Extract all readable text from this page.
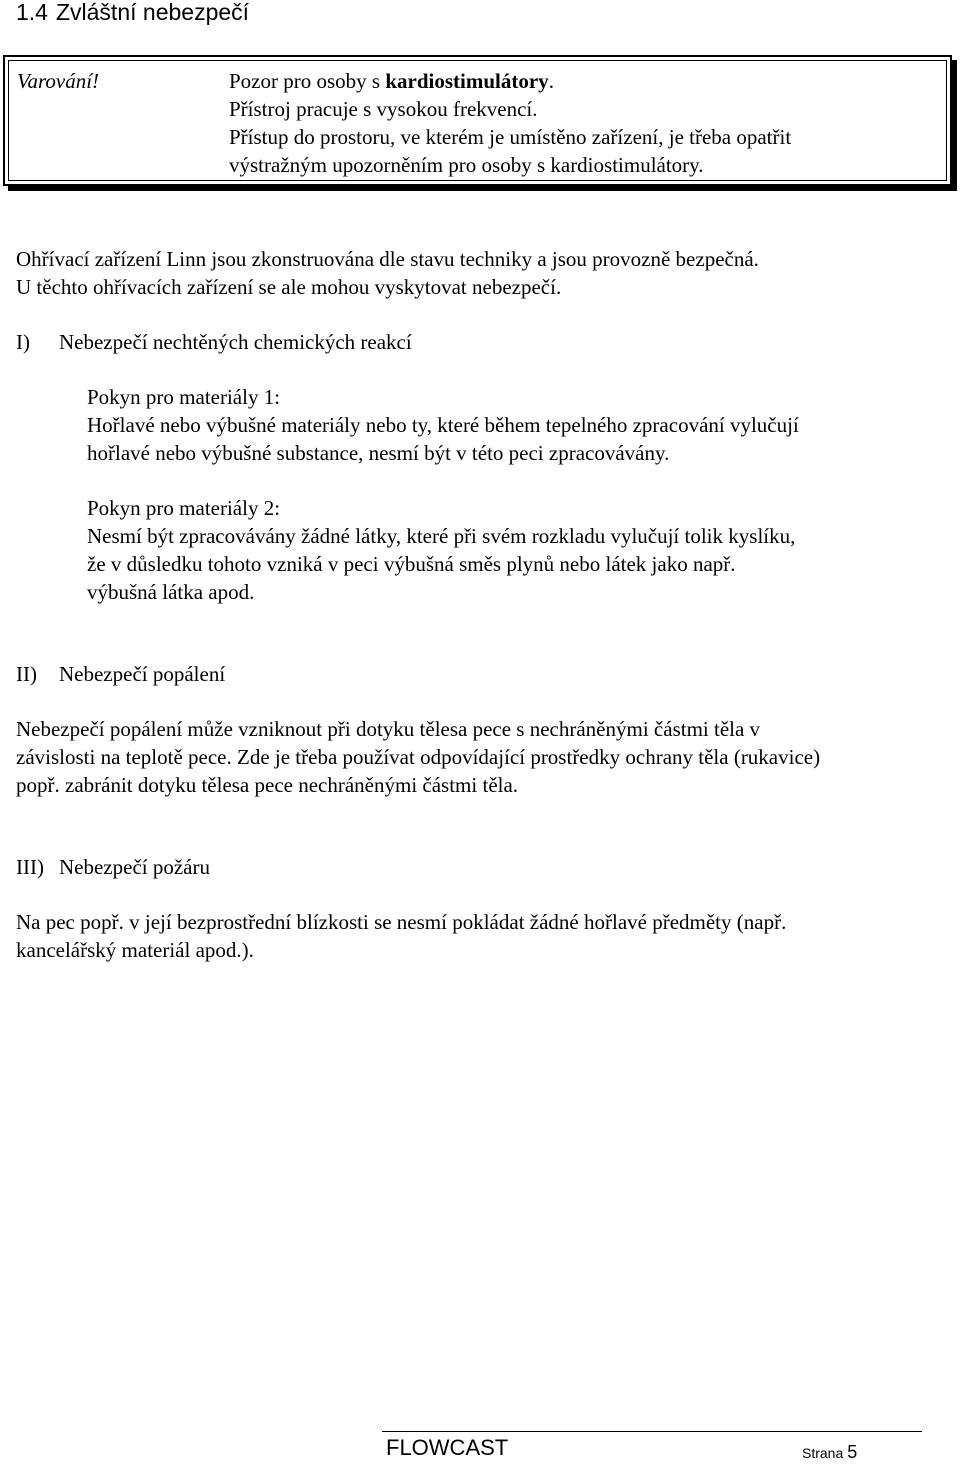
1.4 Zvláštní nebezpečí
Varování!	Pozor pro osoby s kardiostimulátory.
Přístroj pracuje s vysokou frekvencí.
Přístup do prostoru, ve kterém je umístěno zařízení, je třeba opatřit
výstražným upozorněním pro osoby s kardiostimulátory.
Ohřívací zařízení Linn jsou zkonstruována dle stavu techniky a jsou provozně bezpečná.
U těchto ohřívacích zařízení se ale mohou vyskytovat nebezpečí.
I) Nebezpečí nechtěných chemických reakcí
Pokyn pro materiály 1:
Hořlavé nebo výbušné materiály nebo ty, které během tepelného zpracování vylučují
hořlavé nebo výbušné substance, nesmí být v této peci zpracovávány.
Pokyn pro materiály 2:
Nesmí být zpracovávány žádné látky, které při svém rozkladu vylučují tolik kyslíku,
že v důsledku tohoto vzniká v peci výbušná směs plynů nebo látek jako např.
výbušná látka apod.
II) Nebezpečí popálení
Nebezpečí popálení může vzniknout při dotyku tělesa pece s nechráněnými částmi těla v
závislosti na teplotě pece. Zde je třeba používat odpovídající prostředky ochrany těla (rukavice)
popř. zabránit dotyku tělesa pece nechráněnými částmi těla.
III) Nebezpečí požáru
Na pec popř. v její bezprostřední blízkosti se nesmí pokládat žádné hořlavé předměty (např.
kancelářský materiál apod.).
FLOWCAST	Strana 5
